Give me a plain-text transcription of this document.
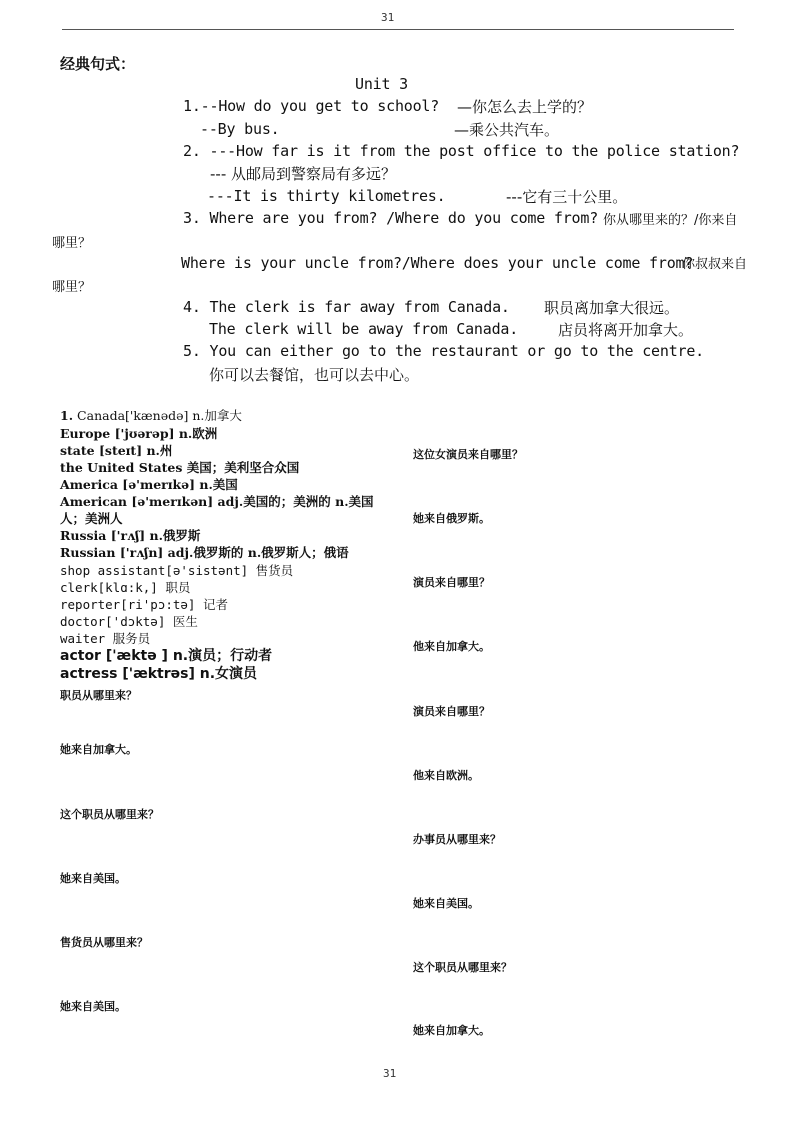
31
经典句式：
Unit 3
1.--How do you get to school? —你怎么去上学的？
--By bus.	—乘公共汽车。
2. ---How far is it from the post office to the police station?
--- 从邮局到警察局有多远？
---It is thirty kilometres.	---它有三十公里。
3. Where are you from? /Where do you come from? 你从哪里来的？/你来自
哪里？
Where is your uncle from?/Where does your uncle come from?
你叔叔来自
哪里？
4. The clerk is far away from Canada. 职员离加拿大很远。
The clerk will be away from Canada.	店员将离开加拿大。
5. You can either go to the restaurant or go to the centre.
你可以去餐馆，也可以去中心。
1. Canada['kænədə] n.加拿大
Europe ['jʊərəp] n.欧洲
state [steɪt] n.州
the United States 美国；美利坚合众国
America [ə'merɪkə] n.美国
American [ə'merɪkən] adj.美国的；美洲的 n.美国
人；美洲人
Russia ['rʌʃ] n.俄罗斯
Russian ['rʌʃn] adj.俄罗斯的 n.俄罗斯人；俄语
shop assistant[ə'sistənt] 售货员
clerk[klɑ:k,] 职员
reporter[ri'pɔ:tə] 记者
doctor['dɔktə] 医生
waiter 服务员
actor ['æktə ] n.演员；行动者
actress ['æktrəs] n.女演员
职员从哪里来？
她来自加拿大。
这个职员从哪里来？
她来自美国。
售货员从哪里来？
她来自美国。
这位女演员来自哪里？
她来自俄罗斯。
演员来自哪里？
他来自加拿大。
演员来自哪里？
他来自欧洲。
办事员从哪里来？
她来自美国。
这个职员从哪里来？
她来自加拿大。
31
